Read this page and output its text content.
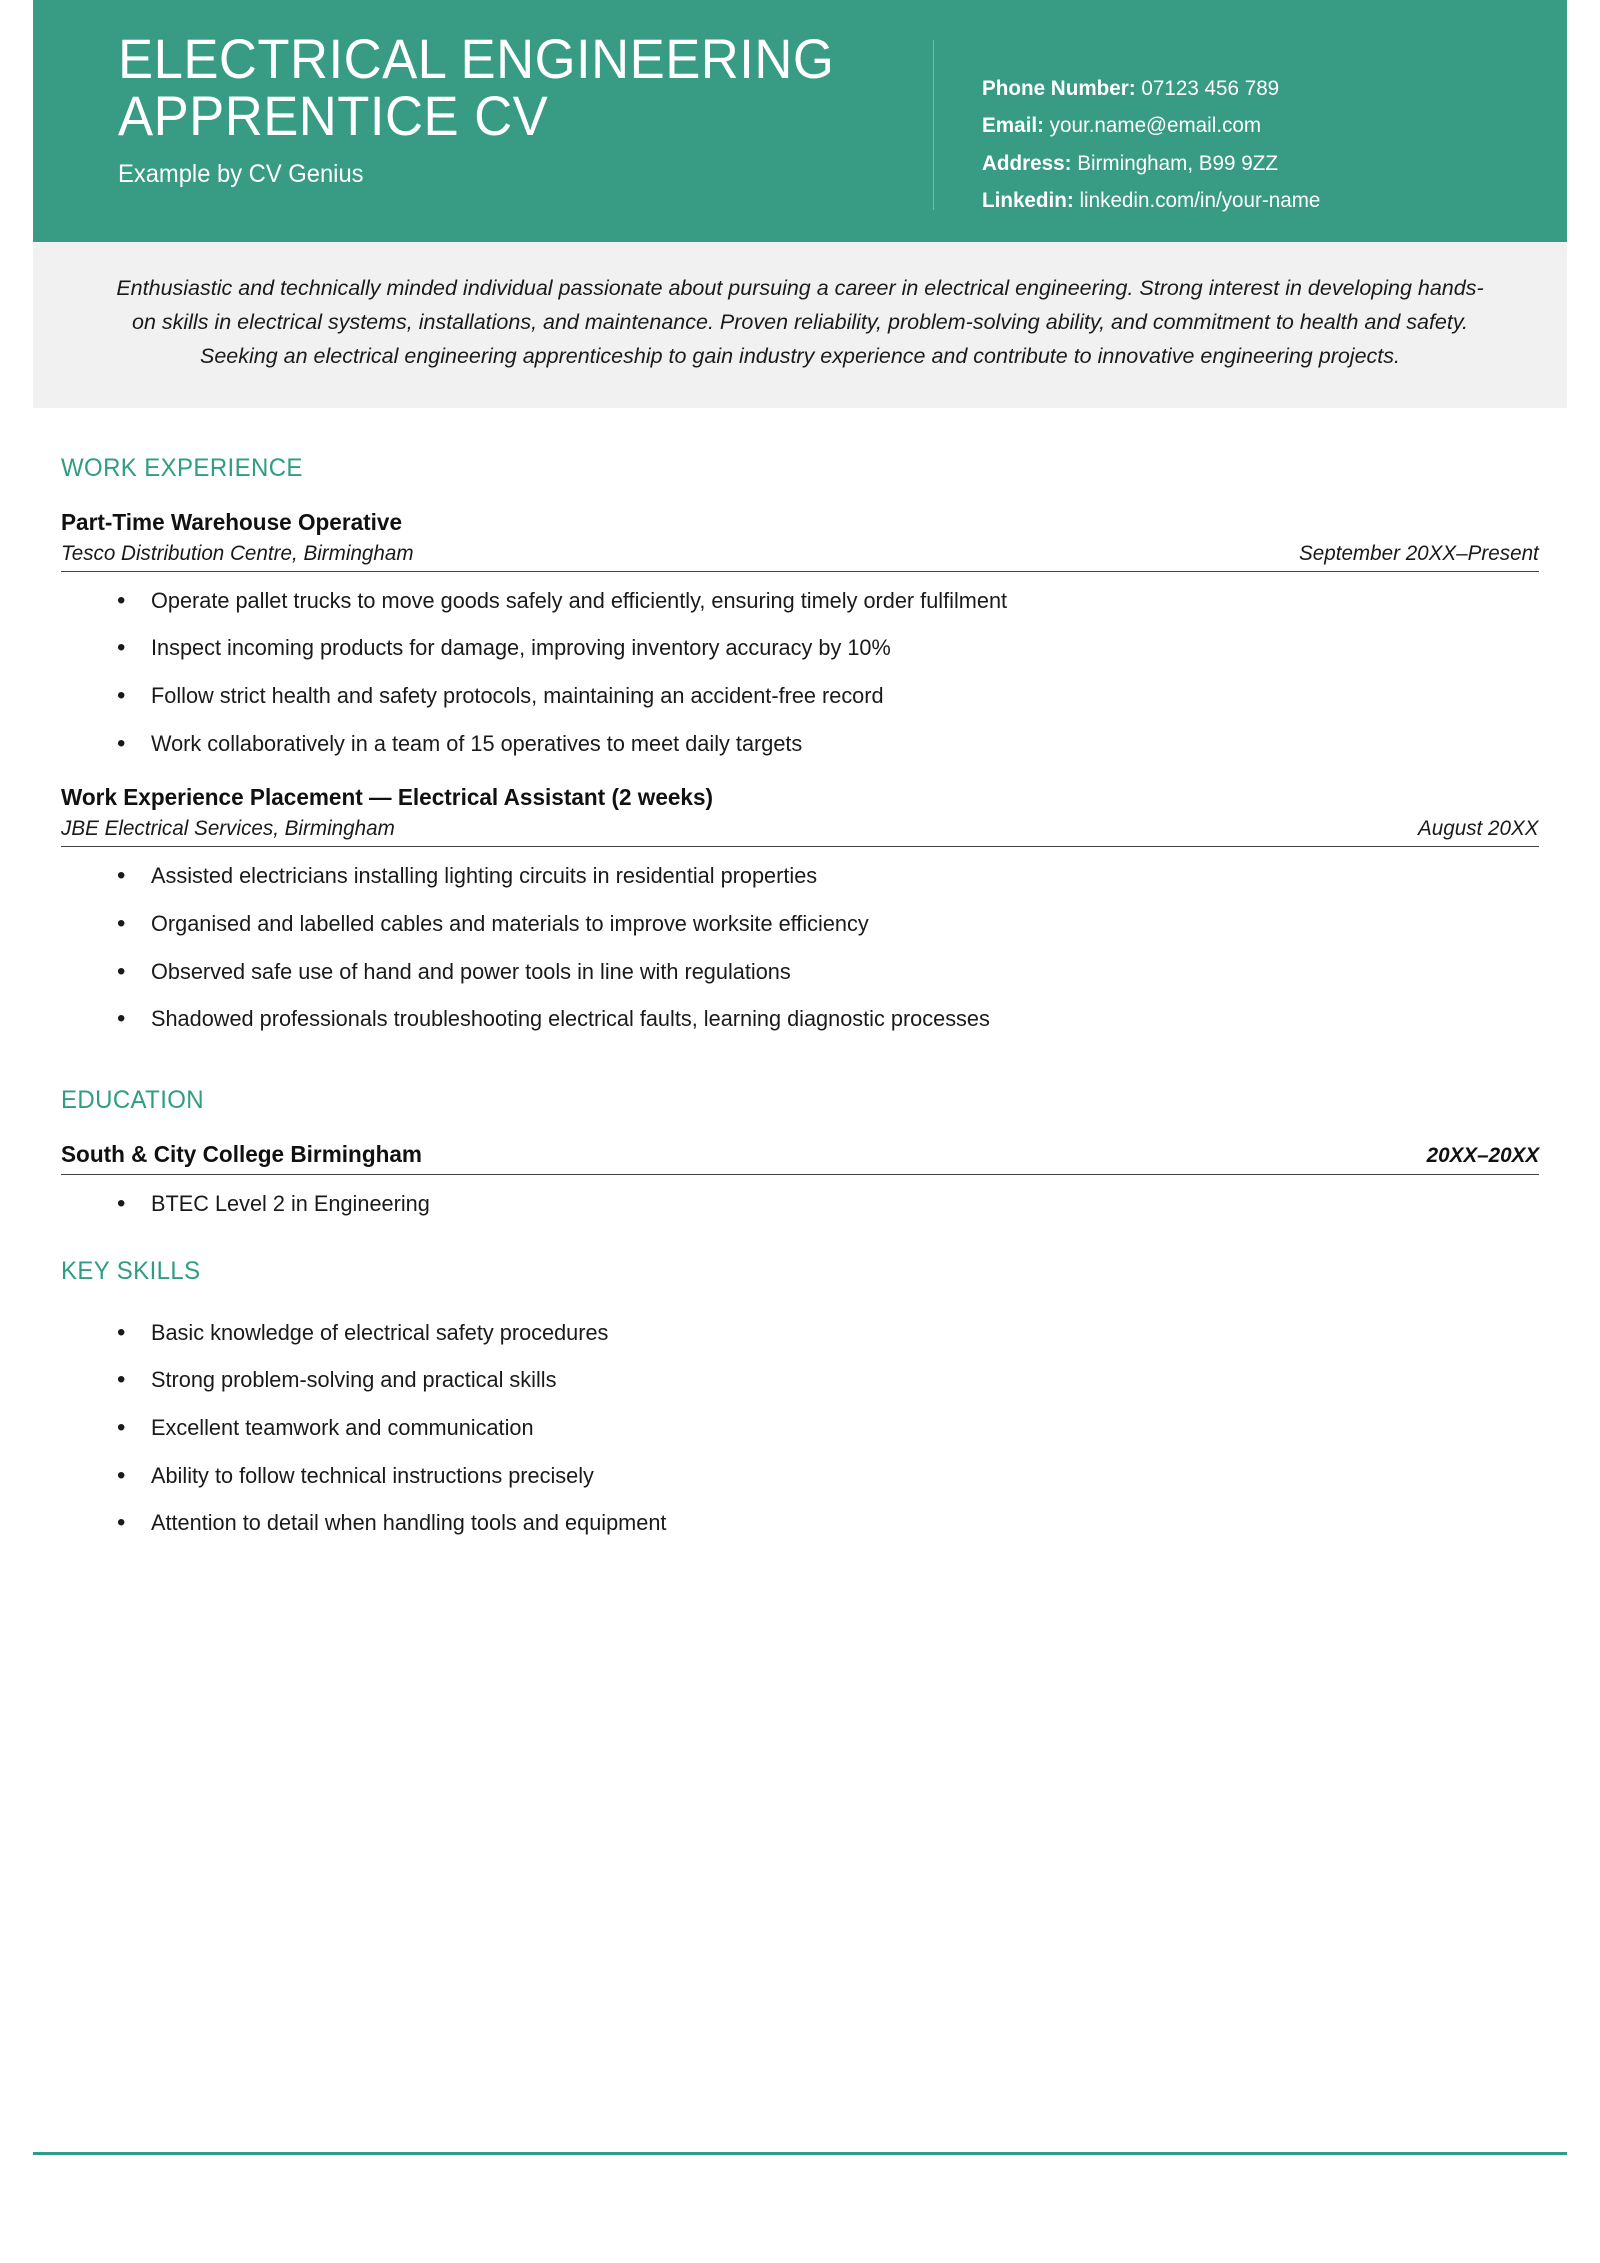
ELECTRICAL ENGINEERING APPRENTICE CV
Example by CV Genius
Phone Number: 07123 456 789
Email: your.name@email.com
Address: Birmingham, B99 9ZZ
Linkedin: linkedin.com/in/your-name
Enthusiastic and technically minded individual passionate about pursuing a career in electrical engineering. Strong interest in developing hands-on skills in electrical systems, installations, and maintenance. Proven reliability, problem-solving ability, and commitment to health and safety. Seeking an electrical engineering apprenticeship to gain industry experience and contribute to innovative engineering projects.
WORK EXPERIENCE
Part-Time Warehouse Operative
Tesco Distribution Centre, Birmingham	September 20XX–Present
• Operate pallet trucks to move goods safely and efficiently, ensuring timely order fulfilment
• Inspect incoming products for damage, improving inventory accuracy by 10%
• Follow strict health and safety protocols, maintaining an accident-free record
• Work collaboratively in a team of 15 operatives to meet daily targets
Work Experience Placement — Electrical Assistant (2 weeks)
JBE Electrical Services, Birmingham	August 20XX
• Assisted electricians installing lighting circuits in residential properties
• Organised and labelled cables and materials to improve worksite efficiency
• Observed safe use of hand and power tools in line with regulations
• Shadowed professionals troubleshooting electrical faults, learning diagnostic processes
EDUCATION
South & City College Birmingham	20XX–20XX
• BTEC Level 2 in Engineering
KEY SKILLS
• Basic knowledge of electrical safety procedures
• Strong problem-solving and practical skills
• Excellent teamwork and communication
• Ability to follow technical instructions precisely
• Attention to detail when handling tools and equipment
